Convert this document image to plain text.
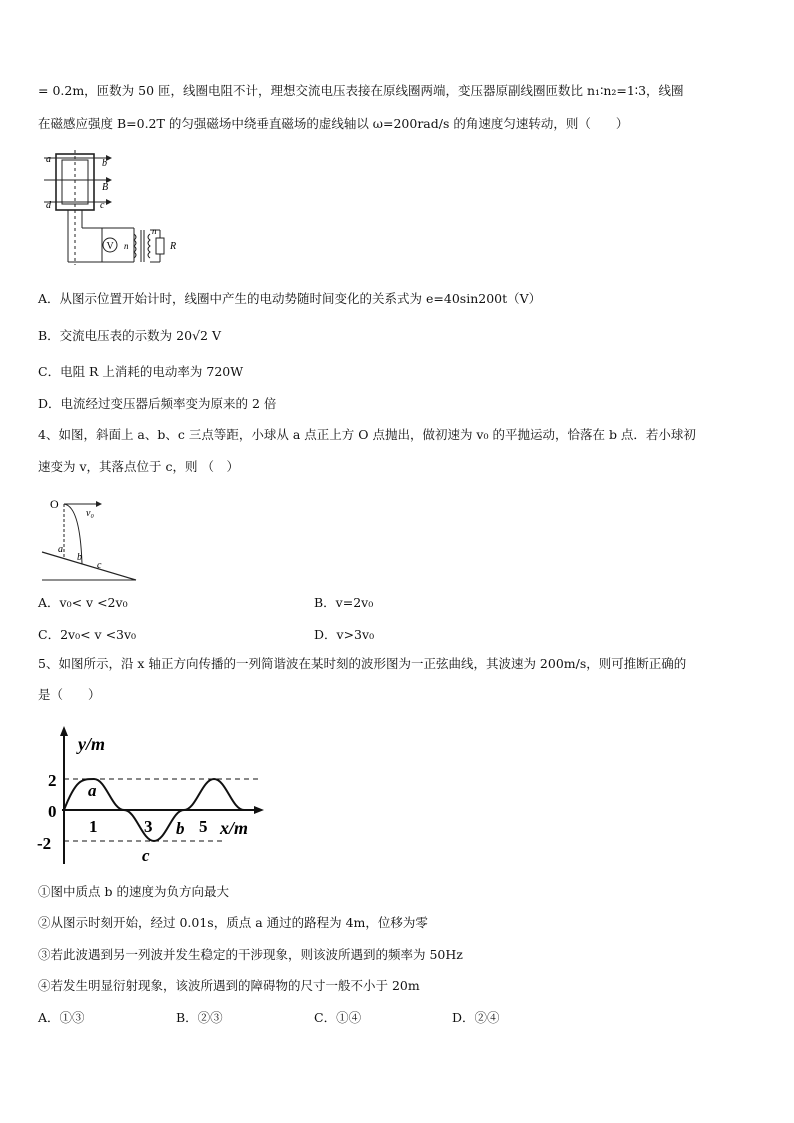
= 0.2m，匝数为 50 匝，线圈电阻不计，理想交流电压表接在原线圈两端，变压器原副线圈匝数比 n₁∶n₂=1∶3，线圈
在磁感应强度 B=0.2T 的匀强磁场中绕垂直磁场的虚线轴以 ω=200rad/s 的角速度匀速转动，则（　　）
V
a	b
B
d	c
n
n
R
A．从图示位置开始计时，线圈中产生的电动势随时间变化的关系式为 e=40sin200t（V）
B．交流电压表的示数为 20√2 V
C．电阻 R 上消耗的电动率为 720W
D．电流经过变压器后频率变为原来的 2 倍
4、如图，斜面上 a、b、c 三点等距，小球从 a 点正上方 O 点抛出，做初速为 v₀ 的平抛运动，恰落在 b 点．若小球初
速变为 v，其落点位于 c，则 （　）
O
v₀
a
b
c
A．v₀< v <2v₀	B．v=2v₀
C．2v₀< v <3v₀	D．v>3v₀
5、如图所示，沿 x 轴正方向传播的一列简谐波在某时刻的波形图为一正弦曲线，其波速为 200m/s，则可推断正确的
是（　　）
y/m
x/m
2
0
-2
1	3	5
a
b
c
①图中质点 b 的速度为负方向最大
②从图示时刻开始，经过 0.01s，质点 a 通过的路程为 4m，位移为零
③若此波遇到另一列波并发生稳定的干涉现象，则该波所遇到的频率为 50Hz
④若发生明显衍射现象，该波所遇到的障碍物的尺寸一般不小于 20m
A．①③	B．②③	C．①④	D．②④
